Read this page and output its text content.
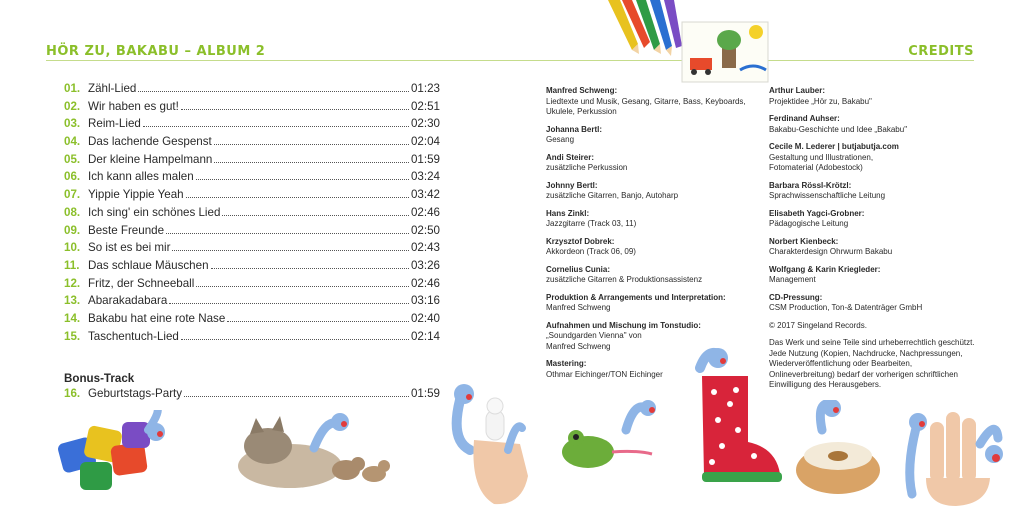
HÖR ZU, BAKABU – ALBUM 2	CREDITS
01. Zähl-Lied	01:23
02. Wir haben es gut!	02:51
03. Reim-Lied	02:30
04. Das lachende Gespenst	02:04
05. Der kleine Hampelmann	01:59
06. Ich kann alles malen	03:24
07. Yippie Yippie Yeah	03:42
08. Ich sing' ein schönes Lied	02:46
09. Beste Freunde	02:50
10. So ist es bei mir	02:43
11. Das schlaue Mäuschen	03:26
12. Fritz, der Schneeball	02:46
13. Abarakadabara	03:16
14. Bakabu hat eine rote Nase	02:40
15. Taschentuch-Lied	02:14
Bonus-Track
16. Geburtstags-Party	01:59
Manfred Schweng:
Liedtexte und Musik, Gesang, Gitarre, Bass, Keyboards, Ukulele, Perkussion
Johanna Bertl:
Gesang
Andi Steirer:
zusätzliche Perkussion
Johnny Bertl:
zusätzliche Gitarren, Banjo, Autoharp
Hans Zinkl:
Jazzgitarre (Track 03, 11)
Krzysztof Dobrek:
Akkordeon (Track 06, 09)
Cornelius Cunia:
zusätzliche Gitarren & Produktionsassistenz
Produktion & Arrangements und Interpretation:
Manfred Schweng
Aufnahmen und Mischung im Tonstudio:
„Soundgarden Vienna" von Manfred Schweng
Mastering:
Othmar Eichinger/TON Eichinger
Arthur Lauber:
Projektidee „Hör zu, Bakabu"
Ferdinand Auhser:
Bakabu-Geschichte und Idee „Bakabu"
Cecile M. Lederer | butjabutja.com
Gestaltung und Illustrationen, Fotomaterial (Adobestock)
Barbara Rössl-Krötzl:
Sprachwissenschaftliche Leitung
Elisabeth Yagci-Grobner:
Pädagogische Leitung
Norbert Kienbeck:
Charakterdesign Ohrwurm Bakabu
Wolfgang & Karin Kriegleder:
Management
CD-Pressung:
CSM Production, Ton-& Datenträger GmbH
© 2017 Singeland Records.
Das Werk und seine Teile sind urheberrechtlich geschützt. Jede Nutzung (Kopien, Nachdrucke, Nachpressungen, Wiederveröffentlichung oder Bearbeiten, Onlineverbreitung) bedarf der vorherigen schriftlichen Einwilligung des Herausgebers.
